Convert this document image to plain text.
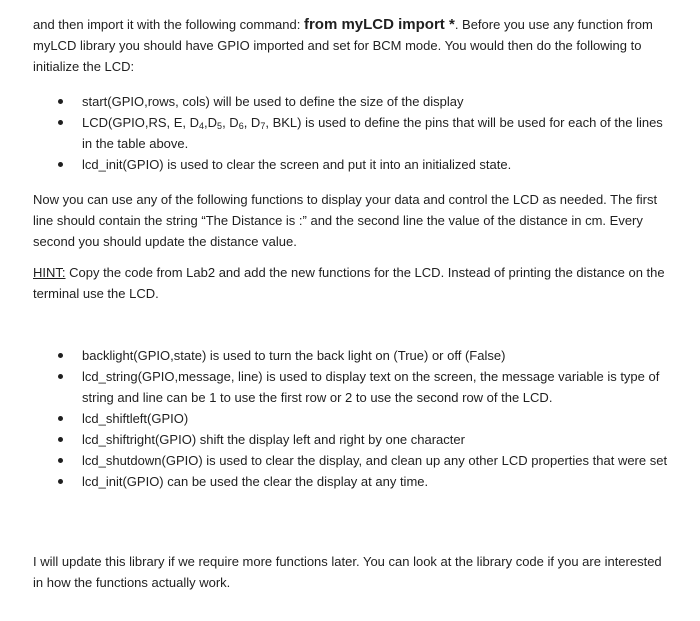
and then import it with the following command: from myLCD import *. Before you use any function from myLCD library you should have GPIO imported and set for BCM mode. You would then do the following to initialize the LCD:

start(GPIO,rows, cols) will be used to define the size of the display
LCD(GPIO,RS, E, $D_4,D_5$, $D_6$, $D_7$, BKL) is used to define the pins that will be used for each of the lines in the table above.
lcd_init(GPIO) is used to clear the screen and put it into an initialized state.

Now you can use any of the following functions to display your data and control the LCD as needed. The first line should contain the string “The Distance is :” and the second line the value of the distance in cm. Every second you should update the distance value.

HINT: Copy the code from Lab2 and add the new functions for the LCD. Instead of printing the distance on the terminal use the LCD.

backlight(GPIO,state) is used to turn the back light on (True) or off (False)
lcd_string(GPIO,message, line) is used to display text on the screen, the message variable is type of string and line can be 1 to use the first row or 2 to use the second row of the LCD.
lcd_shiftleft(GPIO)
lcd_shiftright(GPIO) shift the display left and right by one character
lcd_shutdown(GPIO) is used to clear the display, and clean up any other LCD properties that were set
lcd_init(GPIO) can be used the clear the display at any time.

I will update this library if we require more functions later. You can look at the library code if you are interested in how the functions actually work.
